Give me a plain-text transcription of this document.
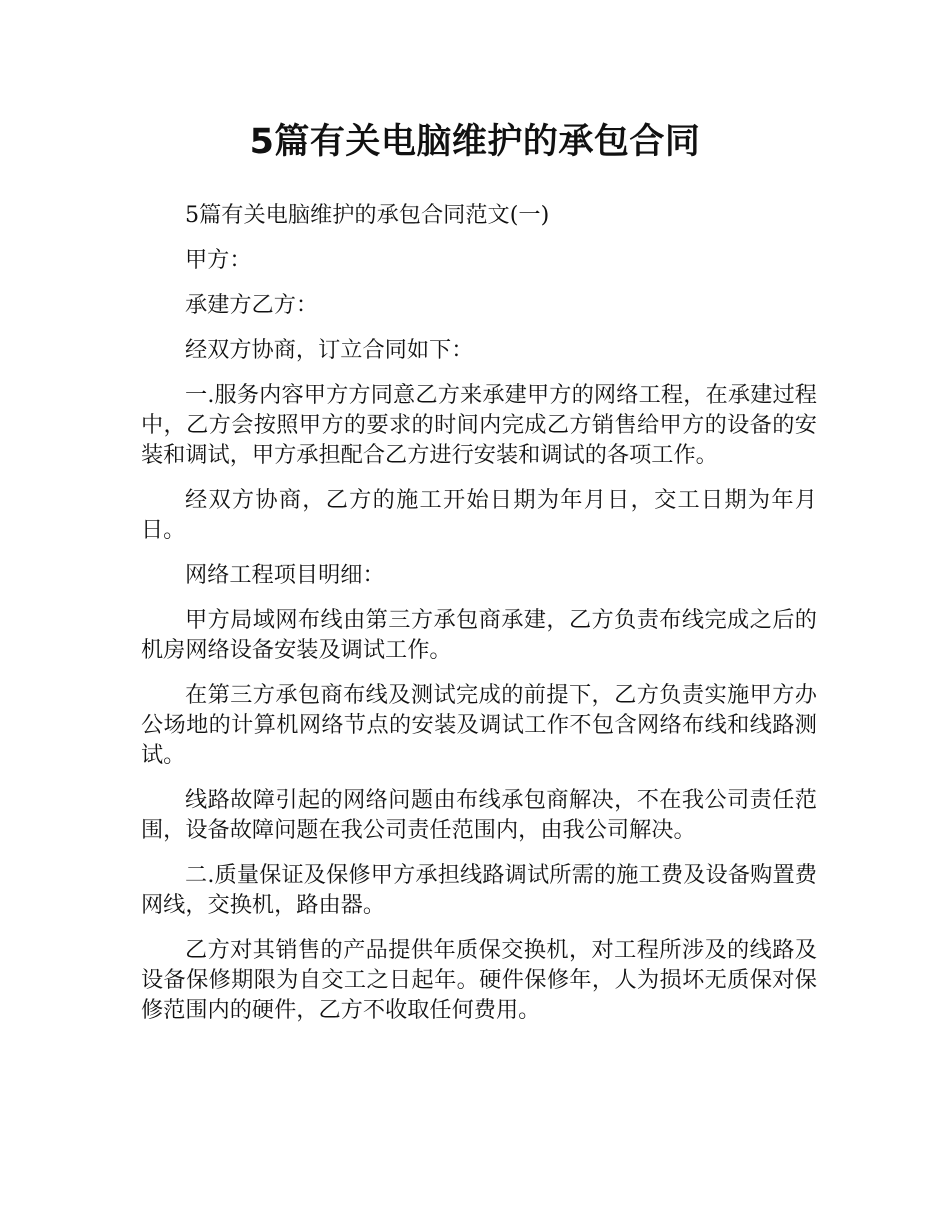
5篇有关电脑维护的承包合同

5篇有关电脑维护的承包合同范文(一)

甲方：

承建方乙方：

经双方协商，订立合同如下：

一.服务内容甲方方同意乙方来承建甲方的网络工程，在承建过程中，乙方会按照甲方的要求的时间内完成乙方销售给甲方的设备的安装和调试，甲方承担配合乙方进行安装和调试的各项工作。

经双方协商，乙方的施工开始日期为年月日，交工日期为年月日。

网络工程项目明细：

甲方局域网布线由第三方承包商承建，乙方负责布线完成之后的机房网络设备安装及调试工作。

在第三方承包商布线及测试完成的前提下，乙方负责实施甲方办公场地的计算机网络节点的安装及调试工作不包含网络布线和线路测试。

线路故障引起的网络问题由布线承包商解决，不在我公司责任范围，设备故障问题在我公司责任范围内，由我公司解决。

二.质量保证及保修甲方承担线路调试所需的施工费及设备购置费网线，交换机，路由器。

乙方对其销售的产品提供年质保交换机，对工程所涉及的线路及设备保修期限为自交工之日起年。硬件保修年，人为损坏无质保对保修范围内的硬件，乙方不收取任何费用。
